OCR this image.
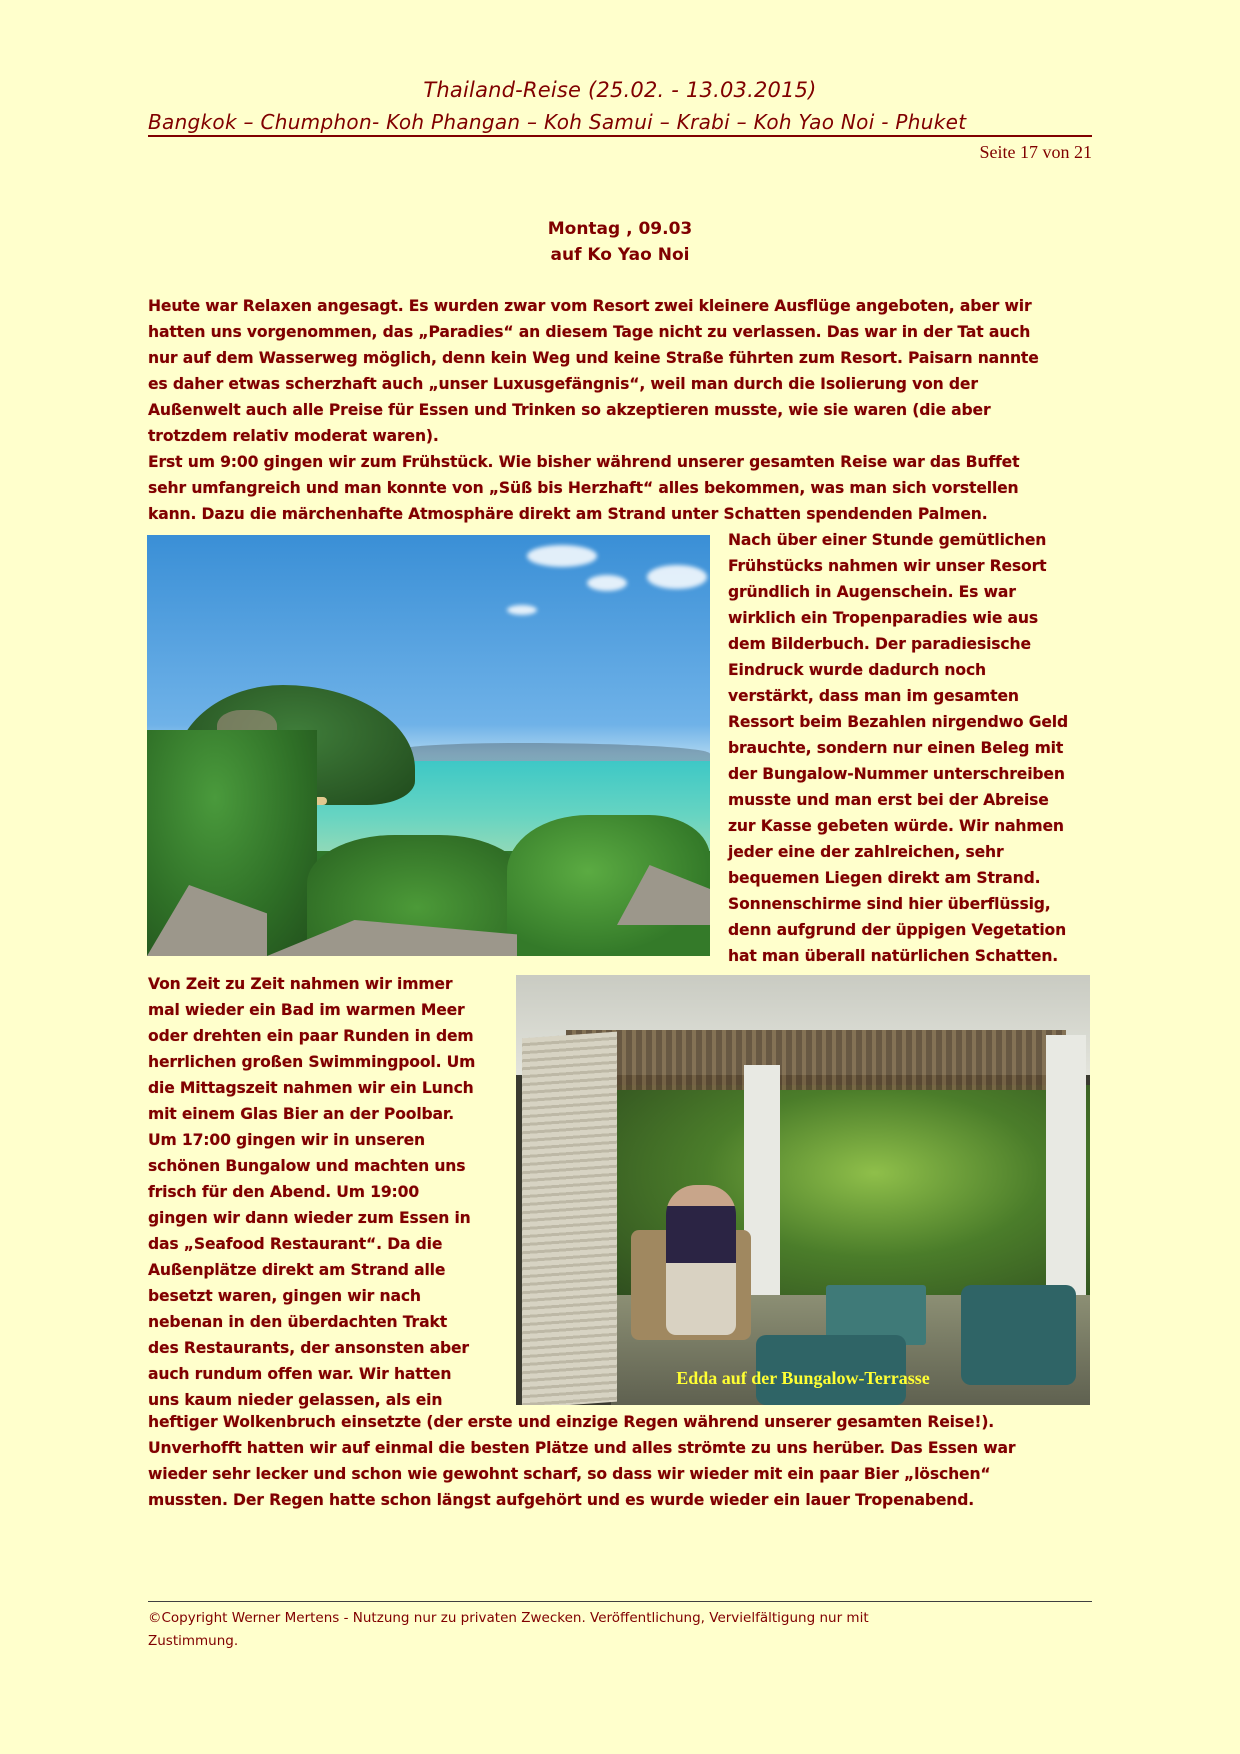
Thailand-Reise (25.02. - 13.03.2015)
Bangkok – Chumphon- Koh Phangan – Koh Samui – Krabi – Koh Yao Noi - Phuket
Seite 17 von 21
Montag , 09.03
auf Ko Yao Noi
Heute war Relaxen angesagt. Es wurden zwar vom Resort zwei kleinere Ausflüge angeboten, aber wir
hatten uns vorgenommen, das „Paradies“ an diesem Tage nicht zu verlassen. Das war in der Tat auch
nur auf dem Wasserweg möglich, denn kein Weg und keine Straße führten zum Resort. Paisarn nannte
es daher etwas scherzhaft auch „unser Luxusgefängnis“, weil man durch die Isolierung von der
Außenwelt auch alle Preise für Essen und Trinken so akzeptieren musste, wie sie waren (die aber
trotzdem relativ moderat waren).
Erst um 9:00 gingen wir zum Frühstück. Wie bisher während unserer gesamten Reise war das Buffet
sehr umfangreich und man konnte von „Süß bis Herzhaft“ alles bekommen, was man sich vorstellen
kann. Dazu die märchenhafte Atmosphäre direkt am Strand unter Schatten spendenden Palmen.
Nach über einer Stunde gemütlichen
Frühstücks nahmen wir unser Resort
gründlich in Augenschein. Es war
wirklich ein Tropenparadies wie aus
dem Bilderbuch. Der paradiesische
Eindruck wurde dadurch noch
verstärkt, dass man im gesamten
Ressort beim Bezahlen nirgendwo Geld
brauchte, sondern nur einen Beleg mit
der Bungalow-Nummer unterschreiben
musste und man erst bei der Abreise
zur Kasse gebeten würde. Wir nahmen
jeder eine der zahlreichen, sehr
bequemen Liegen direkt am Strand.
Sonnenschirme sind hier überflüssig,
denn aufgrund der üppigen Vegetation
hat man überall natürlichen Schatten.
Von Zeit zu Zeit nahmen wir immer
mal wieder ein Bad im warmen Meer
oder drehten ein paar Runden in dem
herrlichen großen Swimmingpool. Um
die Mittagszeit nahmen wir ein Lunch
mit einem Glas Bier an der Poolbar.
Um 17:00 gingen wir in unseren
schönen Bungalow und machten uns
frisch für den Abend. Um 19:00
gingen wir dann wieder zum Essen in
das „Seafood Restaurant“. Da die
Außenplätze direkt am Strand alle
besetzt waren, gingen wir nach
nebenan in den überdachten Trakt
des Restaurants, der ansonsten aber
auch rundum offen war. Wir hatten
uns kaum nieder gelassen, als ein
Edda auf der Bungalow-Terrasse
heftiger Wolkenbruch einsetzte (der erste und einzige Regen während unserer gesamten Reise!).
Unverhofft hatten wir auf einmal die besten Plätze und alles strömte zu uns herüber. Das Essen war
wieder sehr lecker und schon wie gewohnt scharf, so dass wir wieder mit ein paar Bier „löschen“
mussten. Der Regen hatte schon längst aufgehört und es wurde wieder ein lauer Tropenabend.
©Copyright Werner Mertens - Nutzung nur zu privaten Zwecken. Veröffentlichung, Vervielfältigung nur mit
Zustimmung.
